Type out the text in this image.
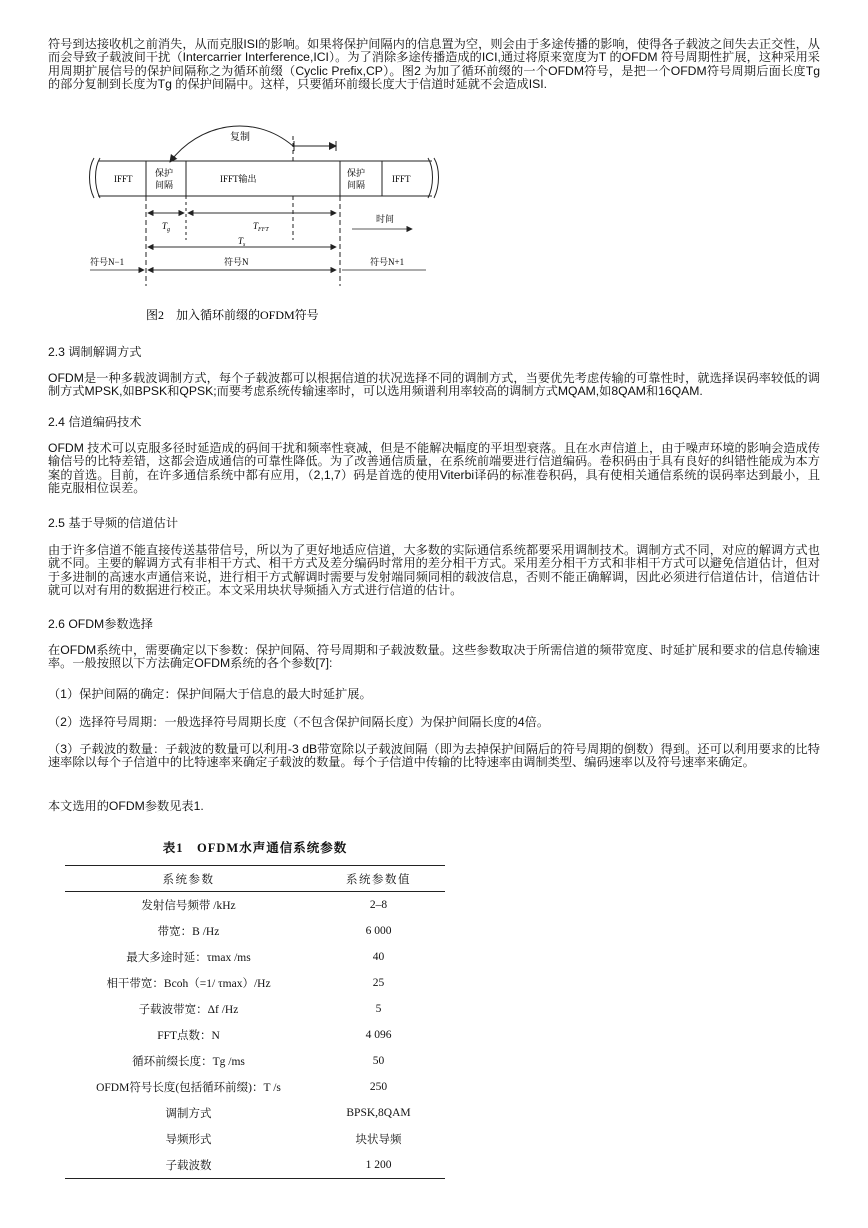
符号到达接收机之前消失，从而克服ISI的影响。如果将保护间隔内的信息置为空，则会由于多途传播的影响，使得各子载波之间失去正交性，从而会导致子载波间干扰（Intercarrier Interference,ICI）。为了消除多途传播造成的ICI,通过将原来宽度为T 的OFDM 符号周期性扩展，这种采用采用周期扩展信号的保护间隔称之为循环前缀（Cyclic Prefix,CP）。图2 为加了循环前缀的一个OFDM符号，是把一个OFDM符号周期后面长度Tg 的部分复制到长度为Tg 的保护间隔中。这样，只要循环前缀长度大于信道时延就不会造成ISI.

复制
IFFT
保护
间隔
IFFT输出
保护
间隔
IFFT
$T_g$	$T_{FFT}$
$T_s$
时间
符号N−1	符号N	符号N+1
图2　加入循环前缀的OFDM符号

2.3 调制解调方式

OFDM是一种多载波调制方式，每个子载波都可以根据信道的状况选择不同的调制方式，当要优先考虑传输的可靠性时，就选择误码率较低的调制方式MPSK,如BPSK和QPSK;而要考虑系统传输速率时，可以选用频谱利用率较高的调制方式MQAM,如8QAM和16QAM.

2.4 信道编码技术

OFDM 技术可以克服多径时延造成的码间干扰和频率性衰减，但是不能解决幅度的平坦型衰落。且在水声信道上，由于噪声环境的影响会造成传输信号的比特差错，这都会造成通信的可靠性降低。为了改善通信质量，在系统前端要进行信道编码。卷积码由于具有良好的纠错性能成为本方案的首选。目前，在许多通信系统中都有应用，（2,1,7）码是首选的使用Viterbi译码的标准卷积码，具有使相关通信系统的误码率达到最小，且能克服相位误差。

2.5 基于导频的信道估计

由于许多信道不能直接传送基带信号，所以为了更好地适应信道，大多数的实际通信系统都要采用调制技术。调制方式不同，对应的解调方式也就不同。主要的解调方式有非相干方式、相干方式及差分编码时常用的差分相干方式。采用差分相干方式和非相干方式可以避免信道估计，但对于多进制的高速水声通信来说，进行相干方式解调时需要与发射端同频同相的载波信息，否则不能正确解调，因此必须进行信道估计，信道估计就可以对有用的数据进行校正。本文采用块状导频插入方式进行信道的估计。

2.6 OFDM参数选择

在OFDM系统中，需要确定以下参数：保护间隔、符号周期和子载波数量。这些参数取决于所需信道的频带宽度、时延扩展和要求的信息传输速率。一般按照以下方法确定OFDM系统的各个参数[7]:

（1）保护间隔的确定：保护间隔大于信息的最大时延扩展。

（2）选择符号周期：一般选择符号周期长度（不包含保护间隔长度）为保护间隔长度的4倍。

（3）子载波的数量：子载波的数量可以利用-3 dB带宽除以子载波间隔（即为去掉保护间隔后的符号周期的倒数）得到。还可以利用要求的比特速率除以每个子信道中的比特速率来确定子载波的数量。每个子信道中传输的比特速率由调制类型、编码速率以及符号速率来确定。

本文选用的OFDM参数见表1.

表1　OFDM水声通信系统参数
系统参数	系统参数值
发射信号频带 /kHz	2–8
带宽：B /Hz	6 000
最大多途时延：τmax /ms	40
相干带宽：Bcoh（=1/ τmax）/Hz	25
子载波带宽：Δf /Hz	5
FFT点数：N	4 096
循环前缀长度：Tg /ms	50
OFDM符号长度(包括循环前缀)：T /s	250
调制方式	BPSK,8QAM
导频形式	块状导频
子载波数	1 200
